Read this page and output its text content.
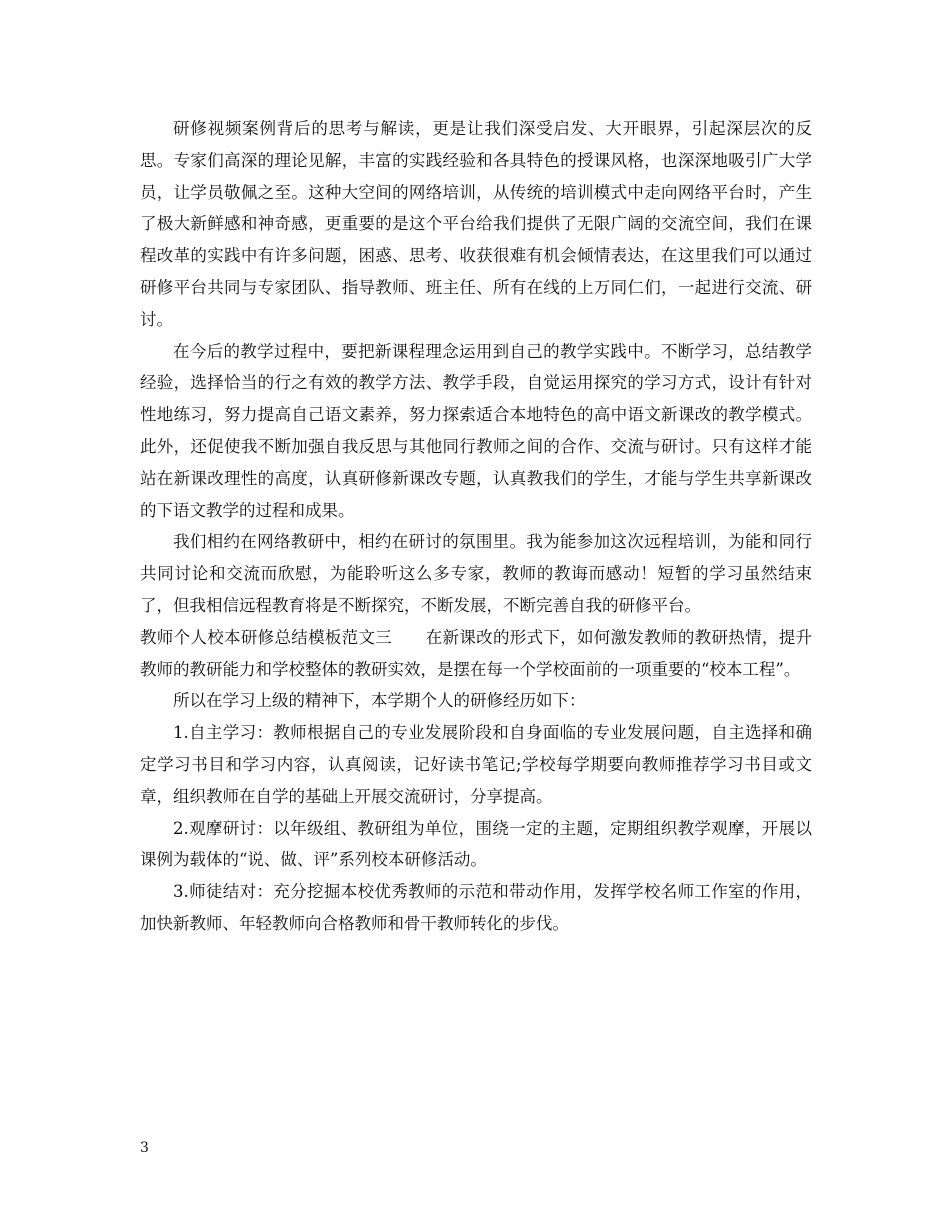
研修视频案例背后的思考与解读，更是让我们深受启发、大开眼界，引起深层次的反思。专家们高深的理论见解，丰富的实践经验和各具特色的授课风格，也深深地吸引广大学员，让学员敬佩之至。这种大空间的网络培训，从传统的培训模式中走向网络平台时，产生了极大新鲜感和神奇感，更重要的是这个平台给我们提供了无限广阔的交流空间，我们在课程改革的实践中有许多问题，困惑、思考、收获很难有机会倾情表达，在这里我们可以通过研修平台共同与专家团队、指导教师、班主任、所有在线的上万同仁们，一起进行交流、研讨。

在今后的教学过程中，要把新课程理念运用到自己的教学实践中。不断学习，总结教学经验，选择恰当的行之有效的教学方法、教学手段，自觉运用探究的学习方式，设计有针对性地练习，努力提高自己语文素养，努力探索适合本地特色的高中语文新课改的教学模式。此外，还促使我不断加强自我反思与其他同行教师之间的合作、交流与研讨。只有这样才能站在新课改理性的高度，认真研修新课改专题，认真教我们的学生，才能与学生共享新课改的下语文教学的过程和成果。

我们相约在网络教研中，相约在研讨的氛围里。我为能参加这次远程培训，为能和同行共同讨论和交流而欣慰，为能聆听这么多专家，教师的教诲而感动！短暂的学习虽然结束了，但我相信远程教育将是不断探究，不断发展，不断完善自我的研修平台。

教师个人校本研修总结模板范文三　　在新课改的形式下，如何激发教师的教研热情，提升教师的教研能力和学校整体的教研实效，是摆在每一个学校面前的一项重要的“校本工程”。

所以在学习上级的精神下，本学期个人的研修经历如下：

1.自主学习：教师根据自己的专业发展阶段和自身面临的专业发展问题，自主选择和确定学习书目和学习内容，认真阅读，记好读书笔记;学校每学期要向教师推荐学习书目或文章，组织教师在自学的基础上开展交流研讨，分享提高。

2.观摩研讨：以年级组、教研组为单位，围绕一定的主题，定期组织教学观摩，开展以课例为载体的“说、做、评”系列校本研修活动。

3.师徒结对：充分挖掘本校优秀教师的示范和带动作用，发挥学校名师工作室的作用，加快新教师、年轻教师向合格教师和骨干教师转化的步伐。

3
